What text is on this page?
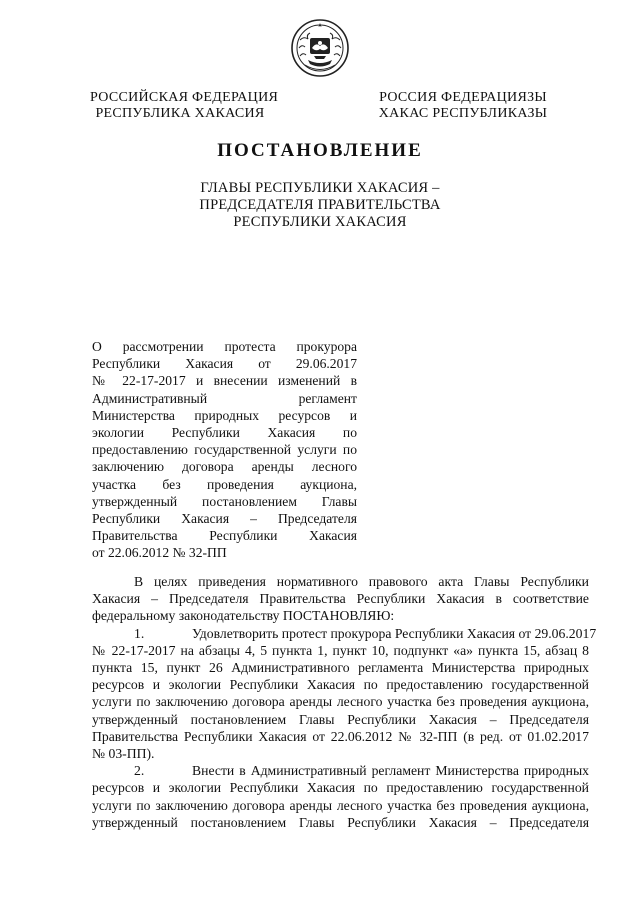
РОССИЙСКАЯ ФЕДЕРАЦИЯ
РЕСПУБЛИКА ХАКАСИЯ
РОССИЯ ФЕДЕРАЦИЯЗЫ
ХАКАС РЕСПУБЛИКАЗЫ
ПОСТАНОВЛЕНИЕ
ГЛАВЫ РЕСПУБЛИКИ ХАКАСИЯ –
ПРЕДСЕДАТЕЛЯ ПРАВИТЕЛЬСТВА
РЕСПУБЛИКИ ХАКАСИЯ
О рассмотрении протеста прокурора
Республики Хакасия от 29.06.2017
№ 22-17-2017 и внесении изменений в
Административный регламент
Министерства природных ресурсов и
экологии Республики Хакасия по
предоставлению государственной услуги по
заключению договора аренды лесного
участка без проведения аукциона,
утвержденный постановлением Главы
Республики Хакасия – Председателя
Правительства Республики Хакасия
от 22.06.2012 № 32-ПП
В целях приведения нормативного правового акта Главы Республики
Хакасия – Председателя Правительства Республики Хакасия в соответствие
федеральному законодательству ПОСТАНОВЛЯЮ:
1.	Удовлетворить протест прокурора Республики Хакасия от 29.06.2017
№ 22-17-2017 на абзацы 4, 5 пункта 1, пункт 10, подпункт «а» пункта 15, абзац 8
пункта 15, пункт 26 Административного регламента Министерства природных
ресурсов и экологии Республики Хакасия по предоставлению государственной
услуги по заключению договора аренды лесного участка без проведения аукциона,
утвержденный постановлением Главы Республики Хакасия – Председателя
Правительства Республики Хакасия от 22.06.2012 № 32-ПП (в ред. от 01.02.2017
№ 03-ПП).
2.	Внести в Административный регламент Министерства природных
ресурсов и экологии Республики Хакасия по предоставлению государственной
услуги по заключению договора аренды лесного участка без проведения аукциона,
утвержденный постановлением Главы Республики Хакасия – Председателя
